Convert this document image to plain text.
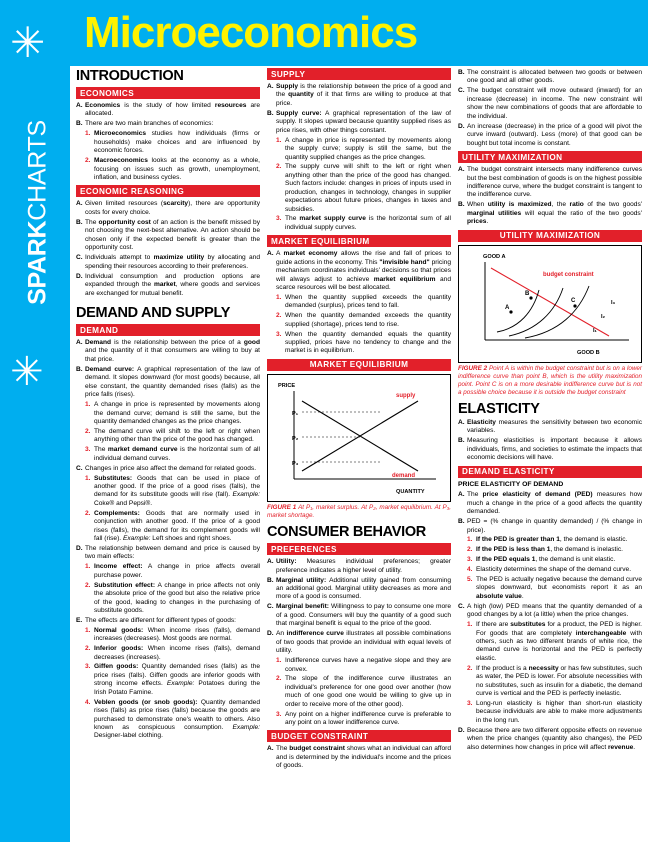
✳
✳
SPARKCHARTS
Microeconomics
INTRODUCTION
ECONOMICS
A. Economics is the study of how limited resources are allocated.
B. There are two main branches of economics:
1. Microeconomics studies how individuals (firms or households) make choices and are influenced by economic forces.
2. Macroeconomics looks at the economy as a whole, focusing on issues such as growth, unemployment, inflation, and business cycles.
ECONOMIC REASONING
A. Given limited resources (scarcity), there are opportunity costs for every choice.
B. The opportunity cost of an action is the benefit missed by not choosing the next-best alternative. An action should be chosen only if the expected benefit is greater than the opportunity cost.
C. Individuals attempt to maximize utility by allocating and spending their resources according to their preferences.
D. Individual consumption and production options are expanded through the market, where goods and services are exchanged for mutual benefit.
DEMAND AND SUPPLY
DEMAND
A. Demand is the relationship between the price of a good and the quantity of it that consumers are willing to buy at that price.
B. Demand curve: A graphical representation of the law of demand. It slopes downward (for most goods) because, all else constant, the quantity demanded rises (falls) as the price falls (rises).
1. A change in price is represented by movements along the demand curve; demand is still the same, but the quantity demanded changes as the price changes.
2. The demand curve will shift to the left or right when anything other than the price of the good has changed.
3. The market demand curve is the horizontal sum of all individual demand curves.
C. Changes in price also affect the demand for related goods.
1. Substitutes: Goods that can be used in place of another good. If the price of a good rises (falls), the demand for its substitute goods will rise (fall). Example: Coke® and Pepsi®.
2. Complements: Goods that are normally used in conjunction with another good. If the price of a good rises (falls), the demand for its complement goods will fall (rise). Example: Left shoes and right shoes.
D. The relationship between demand and price is caused by two main effects:
1. Income effect: A change in price affects overall purchase power.
2. Substitution effect: A change in price affects not only the absolute price of the good but also the relative price of the good, leading to changes in the purchasing of substitute goods.
E. The effects are different for different types of goods:
1. Normal goods: When income rises (falls), demand increases (decreases). Most goods are normal.
2. Inferior goods: When income rises (falls), demand decreases (increases).
3. Giffen goods: Quantity demanded rises (falls) as the price rises (falls). Giffen goods are inferior goods with strong income effects. Example: Potatoes during the Irish Potato Famine.
4. Veblen goods (or snob goods): Quantity demanded rises (falls) as price rises (falls) because the goods are purchased to demonstrate one's wealth to others. Also known as conspicuous consumption. Example: Designer-label clothing.
SUPPLY
A. Supply is the relationship between the price of a good and the quantity of it that firms are willing to produce at that price.
B. Supply curve: A graphical representation of the law of supply. It slopes upward because quantity supplied rises as price rises, with other things constant.
1. A change in price is represented by movements along the supply curve; supply is still the same, but the quantity supplied changes as the price changes.
2. The supply curve will shift to the left or right when anything other than the price of the good has changed. Such factors include: changes in prices of inputs used in production, changes in technology, changes in supplier expectations about future prices, changes in taxes and subsidies.
3. The market supply curve is the horizontal sum of all individual supply curves.
MARKET EQUILIBRIUM
A. A market economy allows the rise and fall of prices to guide actions in the economy. This "invisible hand" pricing mechanism coordinates individuals' decisions so that prices will always adjust to achieve market equilibrium and scarce resources will be best allocated.
1. When the quantity supplied exceeds the quantity demanded (surplus), prices tend to fall.
2. When the quantity demanded exceeds the quantity supplied (shortage), prices tend to rise.
3. When the quantity demanded equals the quantity supplied, prices have no tendency to change and the market is in equilibrium.
MARKET EQUILIBRIUM
PRICE
supply
demand
P₁
P₂
P₃
QUANTITY
FIGURE 1 At P₁, market surplus. At P₂, market equilibrium. At P₃, market shortage.
CONSUMER BEHAVIOR
PREFERENCES
A. Utility: Measures individual preferences; greater preference indicates a higher level of utility.
B. Marginal utility: Additional utility gained from consuming an additional good. Marginal utility decreases as more and more of a good is consumed.
C. Marginal benefit: Willingness to pay to consume one more of a good. Consumers will buy the quantity of a good such that marginal benefit is equal to the price of the good.
D. An indifference curve illustrates all possible combinations of two goods that provide an individual with equal levels of utility.
1. Indifference curves have a negative slope and they are convex.
2. The slope of the indifference curve illustrates an individual's preference for one good over another (how much of one good one would be willing to give up in order to receive more of the other good).
3. Any point on a higher indifference curve is preferable to any point on a lower indifference curve.
BUDGET CONSTRAINT
A. The budget constraint shows what an individual can afford and is determined by the individual's income and the prices of goods.
B. The constraint is allocated between two goods or between one good and all other goods.
C. The budget constraint will move outward (inward) for an increase (decrease) in income. The new constraint will show the new combinations of goods that are affordable to the individual.
D. An increase (decrease) in the price of a good will pivot the curve inward (outward). Less (more) of that good can be bought but total income is constant.
UTILITY MAXIMIZATION
A. The budget constraint intersects many indifference curves but the best combination of goods is on the highest possible indifference curve, where the budget constraint is tangent to the indifference curve.
B. When utility is maximized, the ratio of the two goods' marginal utilities will equal the ratio of the two goods' prices.
UTILITY MAXIMIZATION
GOOD A
budget constraint
A
B
C	I₃
I₂
I₁
GOOD B
FIGURE 2 Point A is within the budget constraint but is on a lower indifference curve than point B, which is the utility maximization point. Point C is on a more desirable indifference curve but is not a possible choice because it is outside the budget constraint
ELASTICITY
A. Elasticity measures the sensitivity between two economic variables.
B. Measuring elasticities is important because it allows individuals, firms, and societies to estimate the impacts that economic decisions will have.
DEMAND ELASTICITY
PRICE ELASTICITY OF DEMAND
A. The price elasticity of demand (PED) measures how much a change in the price of a good affects the quantity demanded.
B. PED = (% change in quantity demanded) / (% change in price).
1. If the PED is greater than 1, the demand is elastic.
2. If the PED is less than 1, the demand is inelastic.
3. If the PED equals 1, the demand is unit elastic.
4. Elasticity determines the shape of the demand curve.
5. The PED is actually negative because the demand curve slopes downward, but economists report it as an absolute value.
C. A high (low) PED means that the quantity demanded of a good changes by a lot (a little) when the price changes.
1. If there are substitutes for a product, the PED is higher. For goods that are completely interchangeable with others, such as two different brands of white rice, the demand curve is horizontal and the PED is perfectly elastic.
2. If the product is a necessity or has few substitutes, such as water, the PED is lower. For absolute necessities with no substitutes, such as insulin for a diabetic, the demand curve is vertical and the PED is perfectly inelastic.
3. Long-run elasticity is higher than short-run elasticity because individuals are able to make more adjustments in the long run.
D. Because there are two different opposite effects on revenue when the price changes (quantity also changes), the PED also determines how changes in price will affect revenue.
